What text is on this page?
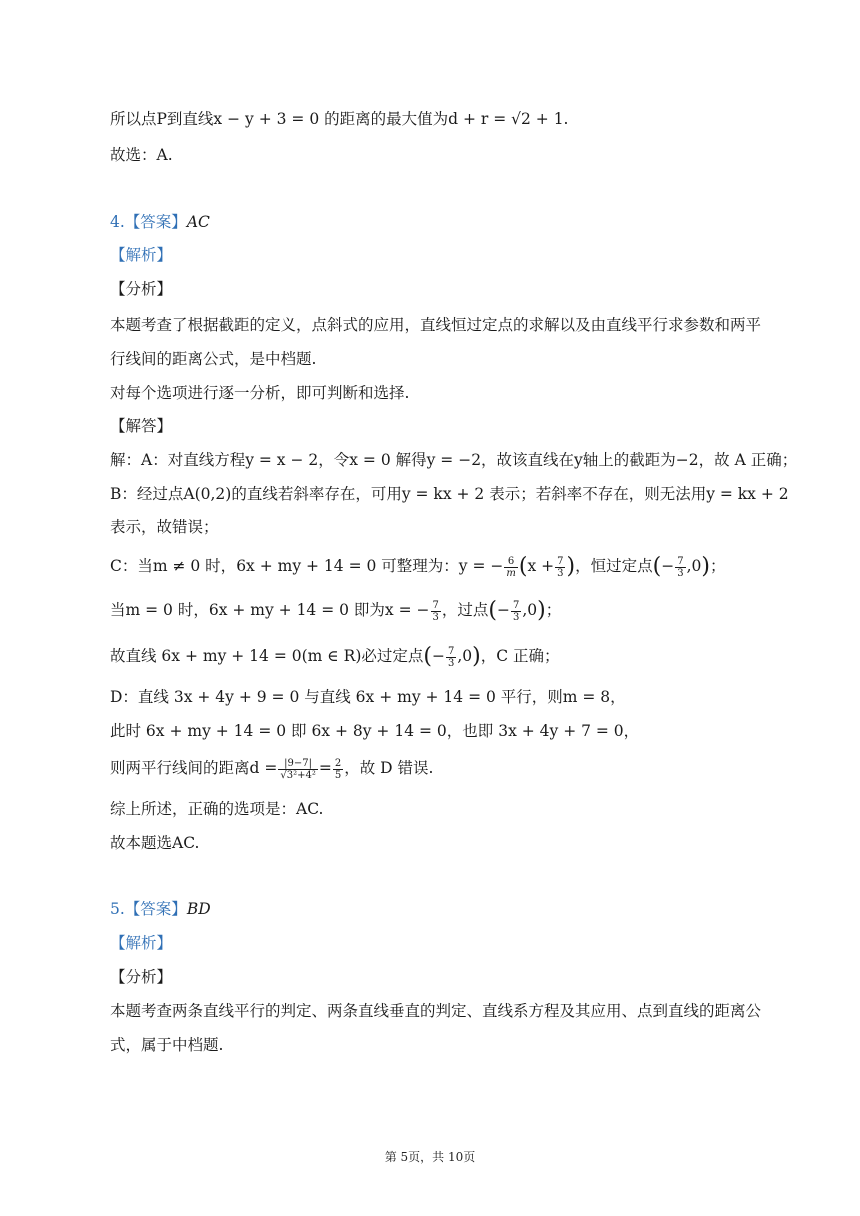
所以点P到直线x − y + 3 = 0 的距离的最大值为d + r = √2 + 1.
故选：A.
4.【答案】AC
【解析】
【分析】
本题考查了根据截距的定义，点斜式的应用，直线恒过定点的求解以及由直线平行求参数和两平
行线间的距离公式，是中档题.
对每个选项进行逐一分析，即可判断和选择.
【解答】
解：A：对直线方程y = x − 2，令x = 0 解得y = −2，故该直线在y轴上的截距为−2，故 A 正确；
B：经过点A(0,2)的直线若斜率存在，可用y = kx + 2 表示；若斜率不存在，则无法用y = kx + 2
表示，故错误；
C：当m ≠ 0 时，6x + my + 14 = 0 可整理为：y = − $\frac{6}{m} (x + \frac{7}{3}$ )，恒过定点(− $\frac{7}{3} ,0$)；
当m = 0 时，6x + my + 14 = 0 即为x = − $\frac{7}{3}$ ，过点(− $\frac{7}{3} ,0$)；
故直线 6x + my + 14 = 0(m ∈ R)必过定点(− $\frac{7}{3} ,0$)，C 正确；
D：直线 3x + 4y + 9 = 0 与直线 6x + my + 14 = 0 平行，则m = 8，
此时 6x + my + 14 = 0 即 6x + 8y + 14 = 0，也即 3x + 4y + 7 = 0，
则两平行线间的距离$d = \frac{|9-7|}{\text{√3²+4²}} = \frac{2}{5}$ ，故 D 错误.
综上所述，正确的选项是：AC.
故本题选AC.
5.【答案】BD
【解析】
【分析】
本题考查两条直线平行的判定、两条直线垂直的判定、直线系方程及其应用、点到直线的距离公
式，属于中档题.
第 5页，共 10页
